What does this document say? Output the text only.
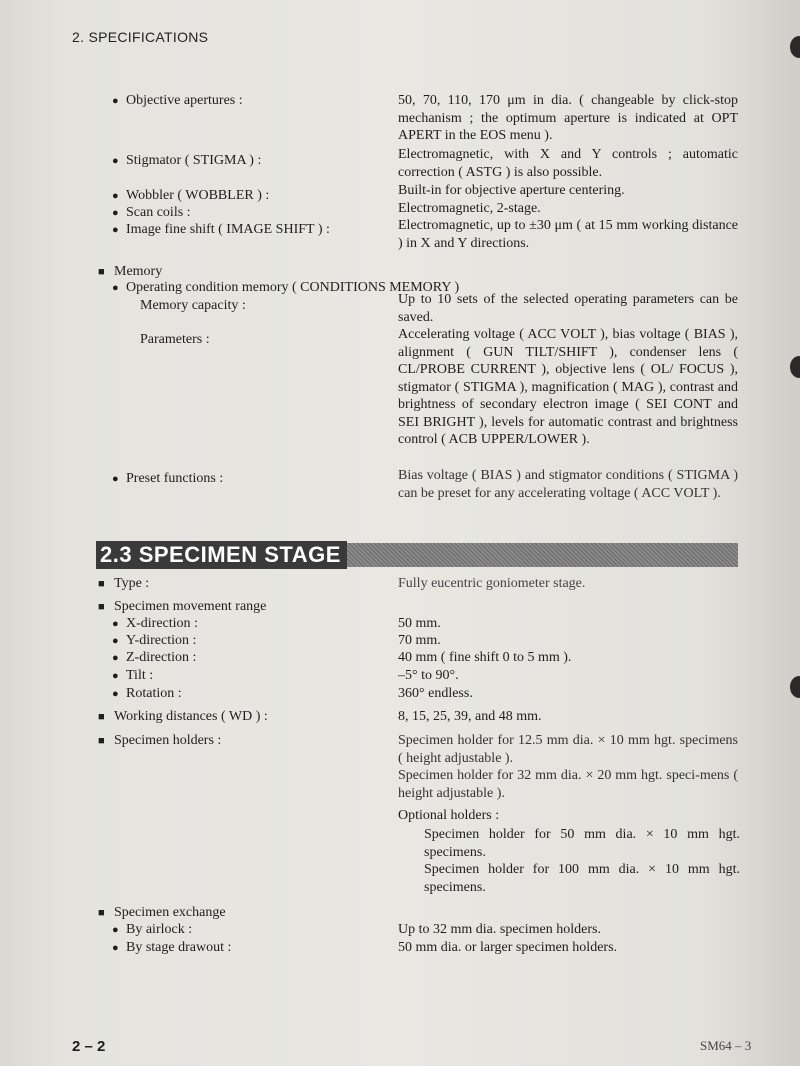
2. SPECIFICATIONS
● Objective apertures :	50, 70, 110, 170 μm in dia. ( changeable by click-stop mechanism ; the optimum aperture is indicated at OPT APERT in the EOS menu ).
● Stigmator ( STIGMA ) :	Electromagnetic, with X and Y controls ; automatic correction ( ASTG ) is also possible.
● Wobbler ( WOBBLER ) :	Built-in for objective aperture centering.
● Scan coils :	Electromagnetic, 2-stage.
● Image fine shift ( IMAGE SHIFT ) :	Electromagnetic, up to ±30 μm ( at 15 mm working distance ) in X and Y directions.
■ Memory
● Operating condition memory ( CONDITIONS MEMORY )
Memory capacity :	Up to 10 sets of the selected operating parameters can be saved.
Parameters :	Accelerating voltage ( ACC VOLT ), bias voltage ( BIAS ), alignment ( GUN TILT/SHIFT ), condenser lens ( CL/PROBE CURRENT ), objective lens ( OL/ FOCUS ), stigmator ( STIGMA ), magnification ( MAG ), contrast and brightness of secondary electron image ( SEI CONT and SEI BRIGHT ), levels for automatic contrast and brightness control ( ACB UPPER/LOWER ).
● Preset functions :	Bias voltage ( BIAS ) and stigmator conditions ( STIGMA ) can be preset for any accelerating voltage ( ACC VOLT ).
2.3 SPECIMEN STAGE
■ Type :	Fully eucentric goniometer stage.
■ Specimen movement range
● X-direction :	50 mm.
● Y-direction :	70 mm.
● Z-direction :	40 mm ( fine shift 0 to 5 mm ).
● Tilt :	–5° to 90°.
● Rotation :	360° endless.
■ Working distances ( WD ) :	8, 15, 25, 39, and 48 mm.
■ Specimen holders :	Specimen holder for 12.5 mm dia. × 10 mm hgt. specimens ( height adjustable ).
Specimen holder for 32 mm dia. × 20 mm hgt. speci-mens ( height adjustable ).
Optional holders :
Specimen holder for 50 mm dia. × 10 mm hgt. specimens.
Specimen holder for 100 mm dia. × 10 mm hgt. specimens.
■ Specimen exchange
● By airlock :	Up to 32 mm dia. specimen holders.
● By stage drawout :	50 mm dia. or larger specimen holders.
2 – 2	SM64 – 3
